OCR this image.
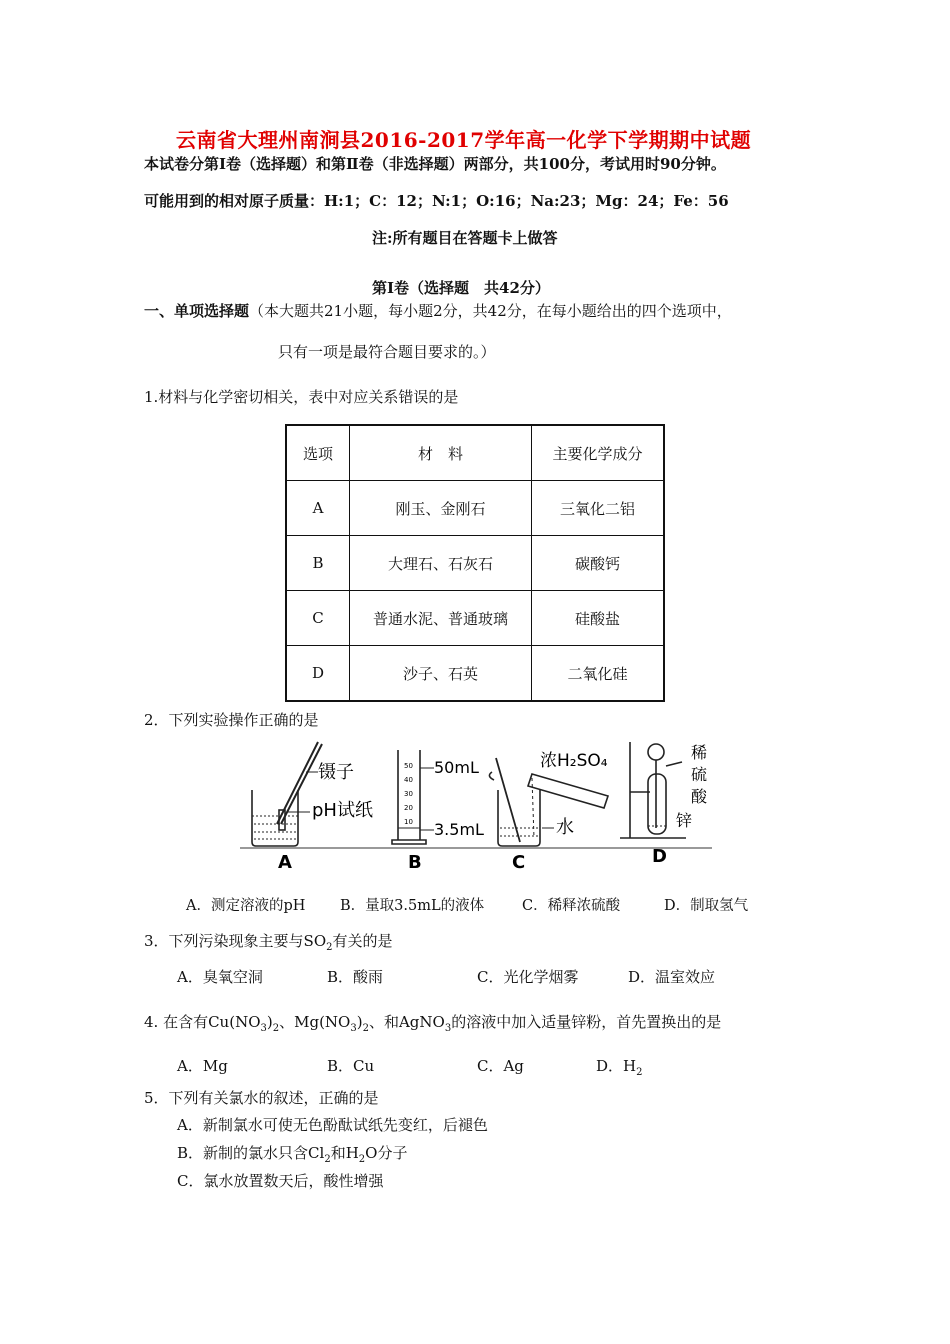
云南省大理州南涧县2016-2017学年高一化学下学期期中试题
本试卷分第Ⅰ卷（选择题）和第Ⅱ卷（非选择题）两部分，共100分，考试用时90分钟。
可能用到的相对原子质量：H:1；C：12；N:1；O:16；Na:23；Mg：24；Fe：56
注:所有题目在答题卡上做答
第Ⅰ卷（选择题　共42分）
一、单项选择题（本大题共21小题，每小题2分，共42分，在每小题给出的四个选项中，
只有一项是最符合题目要求的。）
1.材料与化学密切相关，表中对应关系错误的是
选项	材　料	主要化学成分
A	刚玉、金刚石	三氧化二铝
B	大理石、石灰石	碳酸钙
C	普通水泥、普通玻璃	硅酸盐
D	沙子、石英	二氧化硅
2．下列实验操作正确的是
镊子
pH试纸
50
40
30
20
10
50mL
3.5mL
浓H₂SO₄
水
稀
硫
酸
锌
A	B	C	D
A．测定溶液的pH B．量取3.5mL的液体	C．稀释浓硫酸	D．制取氢气
3．下列污染现象主要与$SO_2$有关的是
A．臭氧空洞	B．酸雨	C．光化学烟雾	D．温室效应
4. 在含有$Cu(NO_3)_2$、$Mg(NO_3)_2$、和AgNO$_3$的溶液中加入适量锌粉，首先置换出的是
A．Mg	B．Cu	C．Ag	D．$H_2$
5．下列有关氯水的叙述，正确的是
A．新制氯水可使无色酚酞试纸先变红，后褪色
B．新制的氯水只含$Cl_2$和$H_2O$分子
C．氯水放置数天后，酸性增强
